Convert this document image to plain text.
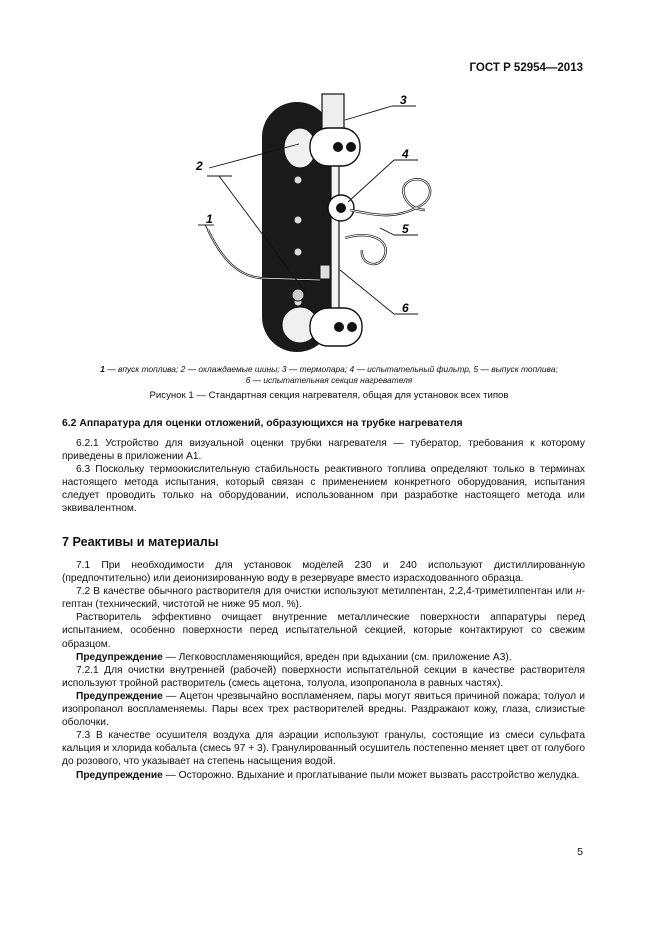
ГОСТ Р 52954—2013
1
2
3
4
5
6
1 — впуск топлива; 2 — охлаждаемые шины; 3 — термопара; 4 — испытательный фильтр, 5 — выпуск топлива;
6 — испытательная секция нагревателя
Рисунок 1 — Стандартная секция нагревателя, общая для установок всех типов
6.2 Аппаратура для оценки отложений, образующихся на трубке нагревателя

6.2.1 Устройство для визуальной оценки трубки нагревателя — тубератор, требования к которому приведены в приложении А1.

6.3 Поскольку термоокислительную стабильность реактивного топлива определяют только в терминах настоящего метода испытания, который связан с применением конкретного оборудования, испытания следует проводить только на оборудовании, использованном при разработке настоящего метода или эквивалентном.

7 Реактивы и материалы

7.1 При необходимости для установок моделей 230 и 240 используют дистиллированную (предпочтительно) или деионизированную воду в резервуаре вместо израсходованного образца.

7.2 В качестве обычного растворителя для очистки используют метилпентан, 2,2,4-триметилпентан или н-гептан (технический, чистотой не ниже 95 мол. %).

Растворитель эффективно очищает внутренние металлические поверхности аппаратуры перед испытанием, особенно поверхности перед испытательной секцией, которые контактируют со свежим образцом.

Предупреждение — Легковоспламеняющийся, вреден при вдыхании (см. приложение А3).

7.2.1 Для очистки внутренней (рабочей) поверхности испытательной секции в качестве растворителя используют тройной растворитель (смесь ацетона, толуола, изопропанола в равных частях).

Предупреждение — Ацетон чрезвычайно воспламеняем, пары могут явиться причиной пожара; толуол и изопропанол воспламеняемы. Пары всех трех растворителей вредны. Раздражают кожу, глаза, слизистые оболочки.

7.3 В качестве осушителя воздуха для аэрации используют гранулы, состоящие из смеси сульфата кальция и хлорида кобальта (смесь 97 + 3). Гранулированный осушитель постепенно меняет цвет от голубого до розового, что указывает на степень насыщения водой.

Предупреждение — Осторожно. Вдыхание и проглатывание пыли может вызвать расстройство желудка.

5
